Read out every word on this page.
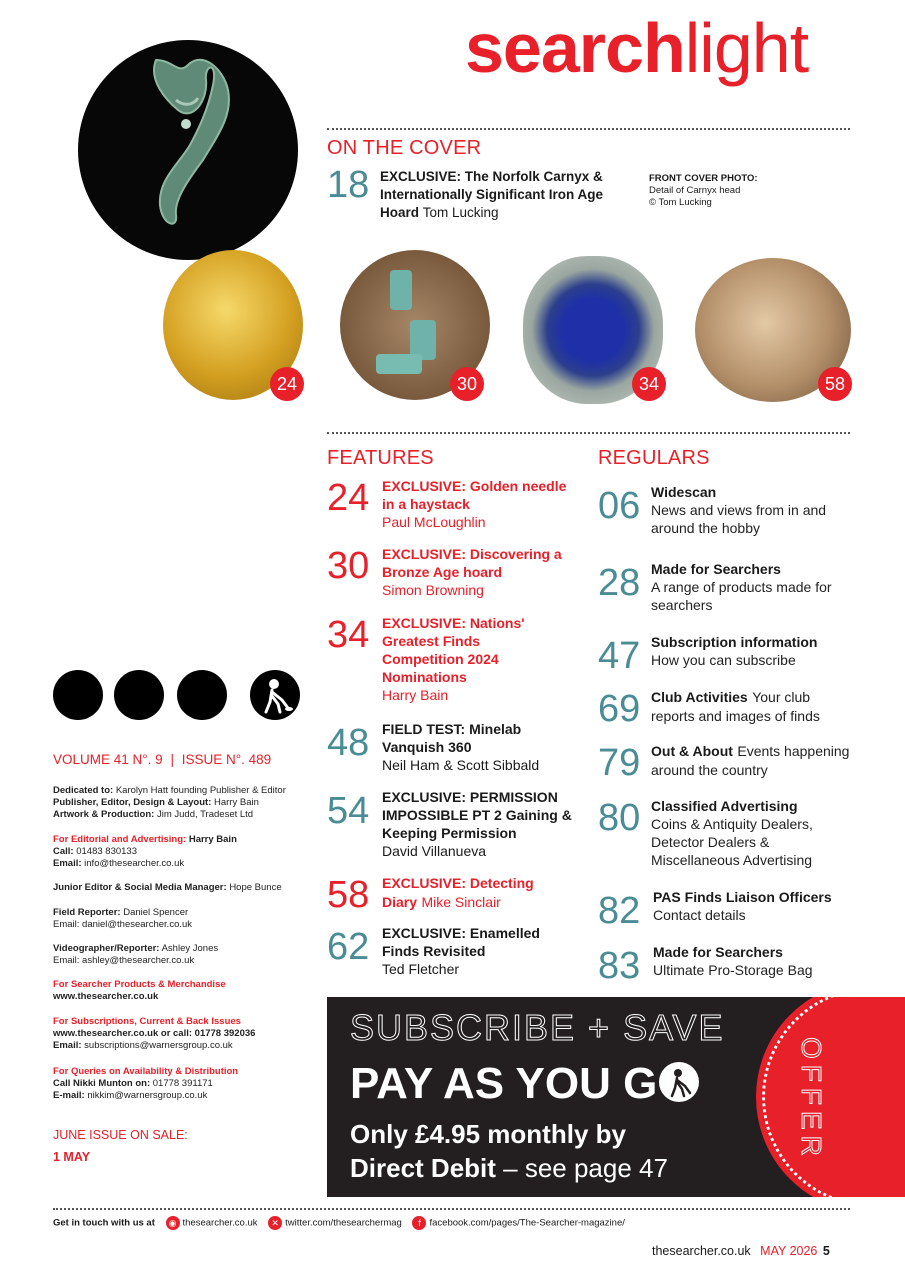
searchlight
ON THE COVER
18 EXCLUSIVE: The Norfolk Carnyx & Internationally Significant Iron Age Hoard Tom Lucking
FRONT COVER PHOTO:
Detail of Carnyx head
© Tom Lucking
24	30	34	58
FEATURES
24 EXCLUSIVE: Golden needle in a haystack
Paul McLoughlin
30 EXCLUSIVE: Discovering a Bronze Age hoard
Simon Browning
34 EXCLUSIVE: Nations' Greatest Finds Competition 2024 Nominations
Harry Bain
48 FIELD TEST: Minelab Vanquish 360
Neil Ham & Scott Sibbald
54 EXCLUSIVE: PERMISSION IMPOSSIBLE PT 2 Gaining & Keeping Permission
David Villanueva
58 EXCLUSIVE: Detecting Diary Mike Sinclair
62 EXCLUSIVE: Enamelled Finds Revisited
Ted Fletcher
REGULARS
06 Widescan
News and views from in and around the hobby
28 Made for Searchers
A range of products made for searchers
47 Subscription information
How you can subscribe
69 Club Activities Your club reports and images of finds
79 Out & About Events happening around the country
80 Classified Advertising
Coins & Antiquity Dealers, Detector Dealers & Miscellaneous Advertising
82 PAS Finds Liaison Officers
Contact details
83 Made for Searchers
Ultimate Pro-Storage Bag
VOLUME 41 N°. 9 | ISSUE N°. 489
Dedicated to: Karolyn Hatt founding Publisher & Editor
Publisher, Editor, Design & Layout: Harry Bain
Artwork & Production: Jim Judd, Tradeset Ltd
For Editorial and Advertising: Harry Bain
Call: 01483 830133
Email: info@thesearcher.co.uk
Junior Editor & Social Media Manager: Hope Bunce
Field Reporter: Daniel Spencer
Email: daniel@thesearcher.co.uk
Videographer/Reporter: Ashley Jones
Email: ashley@thesearcher.co.uk
For Searcher Products & Merchandise
www.thesearcher.co.uk
For Subscriptions, Current & Back Issues
www.thesearcher.co.uk or call: 01778 392036
Email: subscriptions@warnersgroup.co.uk
For Queries on Availability & Distribution
Call Nikki Munton on: 01778 391171
E-mail: nikkim@warnersgroup.co.uk
JUNE ISSUE ON SALE:
1 MAY
SUBSCRIBE + SAVE
PAY AS YOU G
Only £4.95 monthly by
Direct Debit – see page 47
OFFER
Get in touch with us at ◉ thesearcher.co.uk ✕ twitter.com/thesearchermag f facebook.com/pages/The-Searcher-magazine/
thesearcher.co.uk MAY 2026 5
